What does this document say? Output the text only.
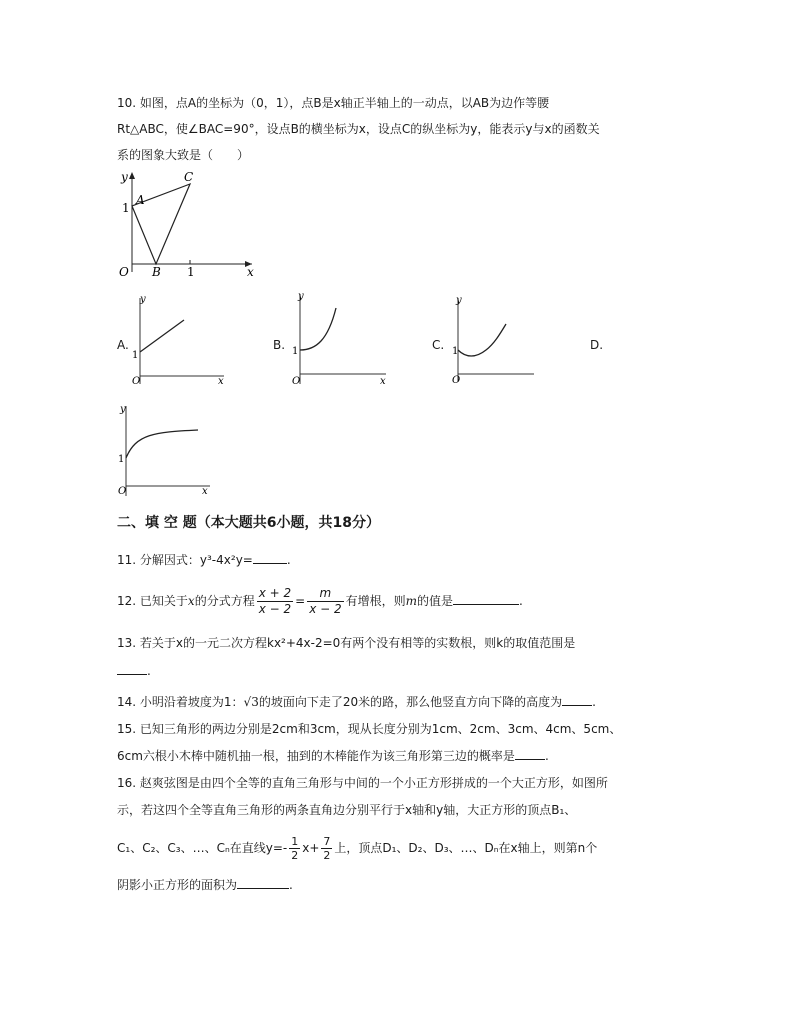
10. 如图，点A的坐标为（0，1），点B是x轴正半轴上的一动点，以AB为边作等腰
Rt△ABC，使∠BAC=90°，设点B的横坐标为x，设点C的纵坐标为y，能表示y与x的函数关
系的图象大致是（　　）
y
1
A
C
O B 1	x
A.
y
1
O	x
B.
y
1
O	x
C.
y
1
O
D.
y
1
O	x
二、填 空 题（本大题共6小题，共18分）
11. 分解因式：y³-4x²y=	.
12. 已知关于x的分式方程 $\frac{x + 2}{x - 2} = \frac{m}{x - 2}$ 有增根，则m的值是	.
13. 若关于x的一元二次方程kx²+4x-2=0有两个没有相等的实数根，则k的取值范围是
.
14. 小明沿着坡度为1：√3的坡面向下走了20米的路，那么他竖直方向下降的高度为	.
15. 已知三角形的两边分别是2cm和3cm，现从长度分别为1cm、2cm、3cm、4cm、5cm、
6cm六根小木棒中随机抽一根，抽到的木棒能作为该三角形第三边的概率是	.
16. 赵爽弦图是由四个全等的直角三角形与中间的一个小正方形拼成的一个大正方形，如图所
示，若这四个全等直角三角形的两条直角边分别平行于x轴和y轴，大正方形的顶点B₁、
C₁、C₂、C₃、…、Cₙ在直线$y=- \frac{1}{2} x+ \frac{7}{2}$ 上，顶点D₁、D₂、D₃、…、Dₙ在x轴上，则第n个
阴影小正方形的面积为	.
